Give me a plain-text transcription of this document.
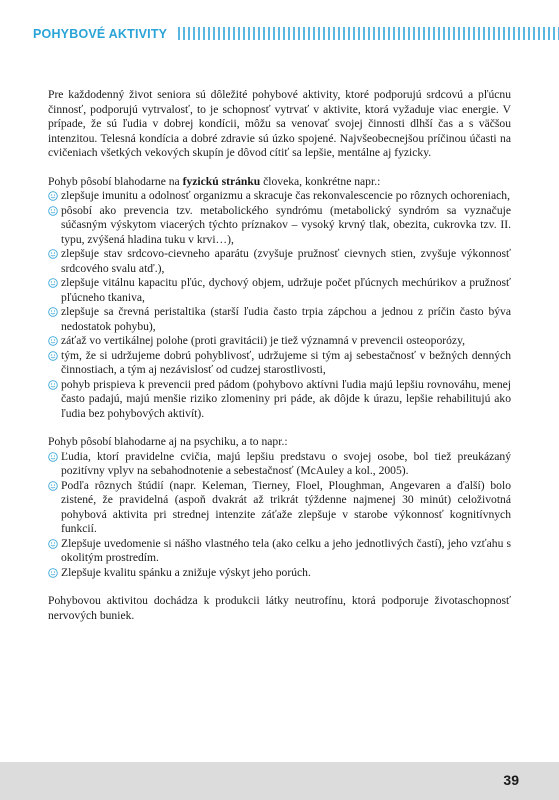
POHYBOVÉ AKTIVITY

Pre každodenný život seniora sú dôležité pohybové aktivity, ktoré podporujú srdcovú a pľúcnu činnosť, podporujú vytrvalosť, to je schopnosť vytrvať v aktivite, ktorá vyžaduje viac energie. V prípade, že sú ľudia v dobrej kondícii, môžu sa venovať svojej činnosti dlhší čas a s väčšou intenzitou. Telesná kondícia a dobré zdravie sú úzko spojené. Najvšeobecnejšou príčinou účasti na cvičeniach všetkých vekových skupín je dôvod cítiť sa lepšie, mentálne aj fyzicky.

Pohyb pôsobí blahodarne na fyzickú stránku človeka, konkrétne napr.:

zlepšuje imunitu a odolnosť organizmu a skracuje čas rekonvalescencie po rôznych ochoreniach,
pôsobí ako prevencia tzv. metabolického syndrómu (metabolický syndróm sa vyznačuje súčasným výskytom viacerých týchto príznakov – vysoký krvný tlak, obezita, cukrovka tzv. II. typu, zvýšená hladina tuku v krvi…),
zlepšuje stav srdcovo-cievneho aparátu (zvyšuje pružnosť cievnych stien, zvyšuje výkonnosť srdcového svalu atď.),
zlepšuje vitálnu kapacitu pľúc, dychový objem, udržuje počet pľúcnych mechúrikov a pružnosť pľúcneho tkaniva,
zlepšuje sa črevná peristaltika (starší ľudia často trpia zápchou a jednou z príčin často býva nedostatok pohybu),
záťaž vo vertikálnej polohe (proti gravitácii) je tiež významná v prevencii osteoporózy,
tým, že si udržujeme dobrú pohyblivosť, udržujeme si tým aj sebestačnosť v bežných denných činnostiach, a tým aj nezávislosť od cudzej starostlivosti,
pohyb prispieva k prevencii pred pádom (pohybovo aktívni ľudia majú lepšiu rovnováhu, menej často padajú, majú menšie riziko zlomeniny pri páde, ak dôjde k úrazu, lepšie rehabilitujú ako ľudia bez pohybových aktivít).

Pohyb pôsobí blahodarne aj na psychiku, a to napr.:

Ľudia, ktorí pravidelne cvičia, majú lepšiu predstavu o svojej osobe, bol tiež preukázaný pozitívny vplyv na sebahodnotenie a sebestačnosť (McAuley a kol., 2005).
Podľa rôznych štúdií (napr. Keleman, Tierney, Floel, Ploughman, Angevaren a ďalší) bolo zistené, že pravidelná (aspoň dvakrát až trikrát týždenne najmenej 30 minút) celoživotná pohybová aktivita pri strednej intenzite záťaže zlepšuje v starobe výkonnosť kognitívnych funkcií.
Zlepšuje uvedomenie si nášho vlastného tela (ako celku a jeho jednotlivých častí), jeho vzťahu s okolitým prostredím.
Zlepšuje kvalitu spánku a znižuje výskyt jeho porúch.

Pohybovou aktivitou dochádza k produkcii látky neutrofínu, ktorá podporuje životaschopnosť nervových buniek.

39
